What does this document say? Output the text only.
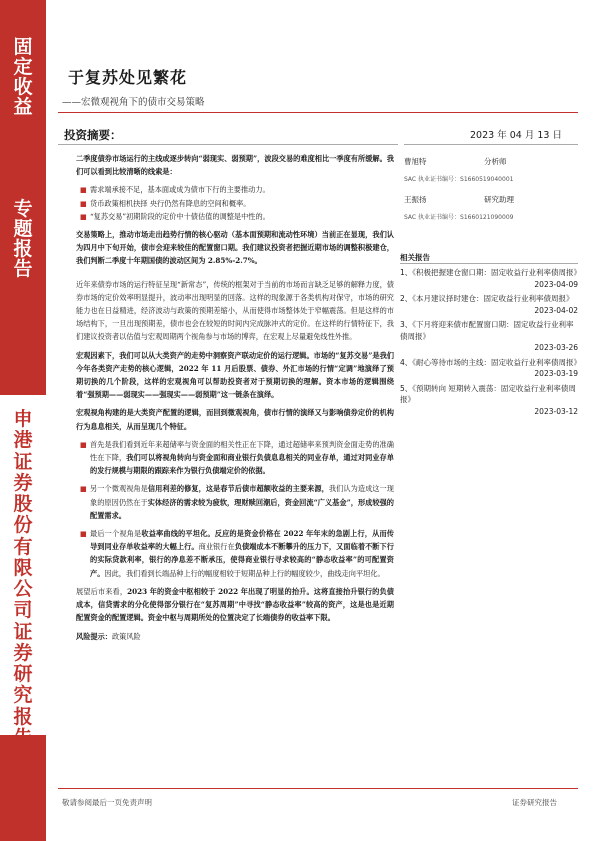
固
定
收
益
专
题
报
告
申
港
证
券
股
份
有
限
公
司
证
券
研
究
报
告
于复苏处见繁花
——宏微观视角下的债市交易策略
投资摘要：	2023 年 04 月 13 日
曹旭特	分析师
SAC 执业证书编号：S1660519040001
王振扬	研究助理
SAC 执业证书编号：S1660121090009
相关报告
1、《积极把握建仓窗口期：固定收益行业利率债周报》
2023-04-09
2、《本月建议择时建仓：固定收益行业利率债周报》
2023-04-02
3、《下月将迎来债市配置窗口期：固定收益行业利率债周报》
2023-03-26
4、《耐心等待市场的主线：固定收益行业利率债周报》
2023-03-19
5、《预期转向 短期转入震荡：固定收益行业利率债周报》
2023-03-12

二季度债券市场运行的主线或逐步转向“弱现实、弱预期”，波段交易的难度相比一季度有所缓解。我们可以看到比较清晰的线索是：

■ 需求端承接不足，基本面或成为债市下行的主要推动力。
■ 货币政策相机抉择 央行仍然有降息的空间和概率。
■ “复苏交易”初期阶段的定价中十债估值的调整是中性的。

交易策略上，推动市场走出趋势行情的核心驱动（基本面预期和流动性环境）当前正在显现，我们认为四月中下旬开始，债市会迎来较佳的配置窗口期。我们建议投资者把握近期市场的调整积极建仓，我们判断二季度十年期国债的波动区间为 2.85%-2.7%。

近年来债券市场的运行特征呈现“新常态”，传统的框架对于当前的市场而言缺乏足够的解释力度，债券市场的定价效率明显提升，波动率出现明显的回落。这样的现象源于各类机构对保守，市场的研究能力也在日益精进，经济波动与政策的预期差缩小，从而使得市场整体处于窄幅震荡。但是这样的市场结构下，一旦出现预期差，债市也会在较短的时间内完成脉冲式的定价。在这样的行情特征下，我们建议投资者以估值与宏观周期两个视角参与市场的博弈，在宏观上尽量避免线性外推。

宏观因素下，我们可以从大类资产的走势中洞察资产联动定价的运行逻辑。市场的“复苏交易”是我们今年各类资产走势的核心逻辑，2022 年 11 月后股票、债券、外汇市场的行情“定调”地演绎了预期切换的几个阶段，这样的宏观视角可以帮助投资者对于预期切换的理解。资本市场的逻辑围绕着“强预期——弱现实——强现实——弱预期”这一链条在演绎。

宏观视角构建的是大类资产配置的逻辑，而回到微观视角，债市行情的演绎又与影响债券定价的机构行为息息相关，从而呈现几个特征。

■ 首先是我们看到近年来超储率与资金面的相关性正在下降，通过超储率来预判资金面走势的准确性在下降，我们可以将视角转向与资金面和商业银行负债息息相关的同业存单，通过对同业存单的发行规模与期限的跟踪来作为银行负债端定价的依据。
■ 另一个微观视角是信用利差的修复，这是春节后债市超额收益的主要来源，我们认为造成这一现象的原因仍然在于实体经济的需求较为疲软，理财赎回潮后，资金回流“广义基金”，形成较强的配置需求。
■ 最后一个视角是收益率曲线的平坦化。反应的是资金价格在 2022 年年末的急剧上行，从而传导到同业存单收益率的大幅上行。商业银行在负债端成本不断攀升的压力下，又面临着不断下行的实际贷款利率，银行的净息差不断承压，使得商业银行寻求较高的“静态收益率”的可配置资产。因此，我们看到长端品种上行的幅度相较于短期品种上行的幅度较少，曲线走向平坦化。

展望后市来看，2023 年的资金中枢相较于 2022 年出现了明显的抬升。这将直接抬升银行的负债成本，信贷需求的分化使得部分银行在“复苏周期”中寻找“静态收益率”较高的资产，这是也是近期配置资金的配置逻辑。资金中枢与周期所处的位置决定了长端债券的收益率下限。

风险提示：政策风险

敬请参阅最后一页免责声明	证券研究报告
